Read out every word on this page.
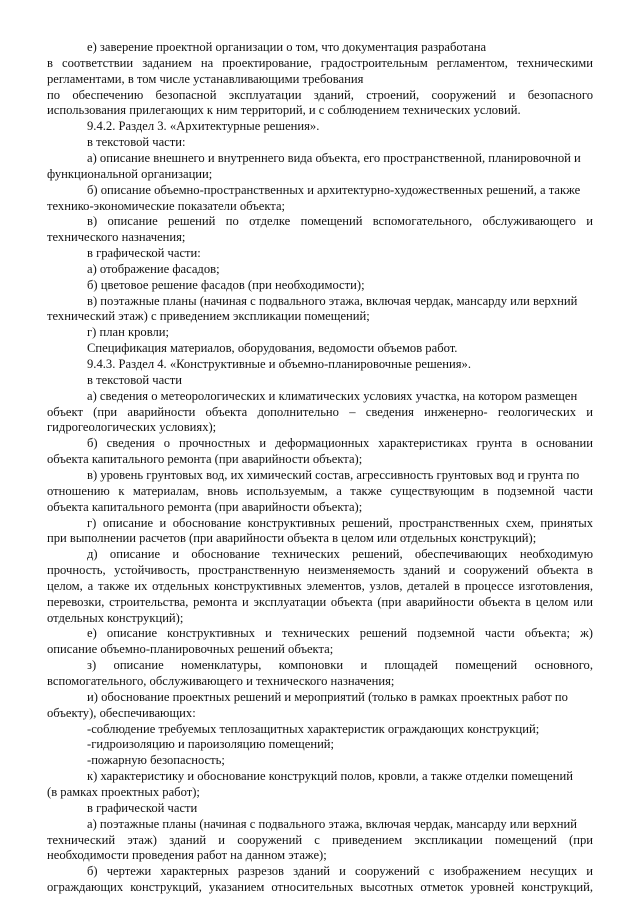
е) заверение проектной организации о том, что документация разработана
в соответствии заданием на проектирование, градостроительным регламентом, техническими
регламентами, в том числе устанавливающими требования
по обеспечению безопасной эксплуатации зданий, строений, сооружений и безопасного
использования прилегающих к ним территорий, и с соблюдением технических условий.
9.4.2. Раздел 3. «Архитектурные решения».
в текстовой части:
а) описание внешнего и внутреннего вида объекта, его пространственной, планировочной и
функциональной организации;
б) описание объемно-пространственных и архитектурно-художественных решений, а также
технико-экономические показатели объекта;
в) описание решений по отделке помещений вспомогательного, обслуживающего и
технического назначения;
в графической части:
а) отображение фасадов;
б) цветовое решение фасадов (при необходимости);
в) поэтажные планы (начиная с подвального этажа, включая чердак, мансарду или верхний
технический этаж) с приведением экспликации помещений;
г) план кровли;
Спецификация материалов, оборудования, ведомости объемов работ.
9.4.3. Раздел 4. «Конструктивные и объемно-планировочные решения».
в текстовой части
а) сведения о метеорологических и климатических условиях участка, на котором размещен
объект (при аварийности объекта дополнительно – сведения инженерно- геологических и
гидрогеологических условиях);
б) сведения о прочностных и деформационных характеристиках грунта в основании
объекта капитального ремонта (при аварийности объекта);
в) уровень грунтовых вод, их химический состав, агрессивность грунтовых вод и грунта по
отношению к материалам, вновь используемым, а также существующим в подземной части
объекта капитального ремонта (при аварийности объекта);
г) описание и обоснование конструктивных решений, пространственных схем, принятых
при выполнении расчетов (при аварийности объекта в целом или отдельных конструкций);
д) описание и обоснование технических решений, обеспечивающих необходимую
прочность, устойчивость, пространственную неизменяемость зданий и сооружений объекта в
целом, а также их отдельных конструктивных элементов, узлов, деталей в процессе изготовления,
перевозки, строительства, ремонта и эксплуатации объекта (при аварийности объекта в целом или
отдельных конструкций);
е) описание конструктивных и технических решений подземной части объекта; ж)
описание объемно-планировочных решений объекта;
з) описание номенклатуры, компоновки и площадей помещений основного,
вспомогательного, обслуживающего и технического назначения;
и) обоснование проектных решений и мероприятий (только в рамках проектных работ по
объекту), обеспечивающих:
-соблюдение требуемых теплозащитных характеристик ограждающих конструкций;
-гидроизоляцию и пароизоляцию помещений;
-пожарную безопасность;
к) характеристику и обоснование конструкций полов, кровли, а также отделки помещений
(в рамках проектных работ);
в графической части
а) поэтажные планы (начиная с подвального этажа, включая чердак, мансарду или верхний
технический этаж) зданий и сооружений с приведением экспликации помещений (при
необходимости проведения работ на данном этаже);
б) чертежи характерных разрезов зданий и сооружений с изображением несущих и
ограждающих конструкций, указанием относительных высотных отметок уровней конструкций,
